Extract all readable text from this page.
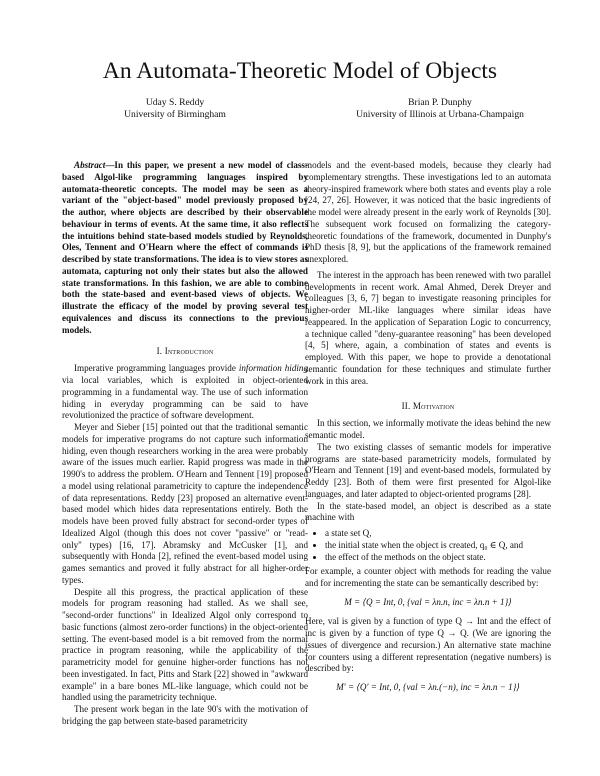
An Automata-Theoretic Model of Objects
Uday S. Reddy
University of Birmingham
Brian P. Dunphy
University of Illinois at Urbana-Champaign

Abstract—In this paper, we present a new model of class-based Algol-like programming languages inspired by automata-theoretic concepts. The model may be seen as a variant of the "object-based" model previously proposed by the author, where objects are described by their observable behaviour in terms of events. At the same time, it also reflects the intuitions behind state-based models studied by Reynolds, Oles, Tennent and O'Hearn where the effect of commands is described by state transformations. The idea is to view stores as automata, capturing not only their states but also the allowed state transformations. In this fashion, we are able to combine both the state-based and event-based views of objects. We illustrate the efficacy of the model by proving several test equivalences and discuss its connections to the previous models.

I. Introduction

Imperative programming languages provide information hiding via local variables, which is exploited in object-oriented programming in a fundamental way. The use of such information hiding in everyday programming can be said to have revolutionized the practice of software development.

Meyer and Sieber [15] pointed out that the traditional semantic models for imperative programs do not capture such information hiding, even though researchers working in the area were probably aware of the issues much earlier. Rapid progress was made in the 1990's to address the problem. O'Hearn and Tennent [19] proposed a model using relational parametricity to capture the independence of data representations. Reddy [23] proposed an alternative event-based model which hides data representations entirely. Both the models have been proved fully abstract for second-order types of Idealized Algol (though this does not cover "passive" or "read-only" types) [16, 17]. Abramsky and McCusker [1], and subsequently with Honda [2], refined the event-based model using games semantics and proved it fully abstract for all higher-order types.

Despite all this progress, the practical application of these models for program reasoning had stalled. As we shall see, "second-order functions" in Idealized Algol only correspond to basic functions (almost zero-order functions) in the object-oriented setting. The event-based model is a bit removed from the normal practice in program reasoning, while the applicability of the parametricity model for genuine higher-order functions has not been investigated. In fact, Pitts and Stark [22] showed in "awkward example" in a bare bones ML-like language, which could not be handled using the parametricity technique.

The present work began in the late 90's with the motivation of bridging the gap between state-based parametricity

models and the event-based models, because they clearly had complementary strengths. These investigations led to an automata theory-inspired framework where both states and events play a role [24, 27, 26]. However, it was noticed that the basic ingredients of the model were already present in the early work of Reynolds [30]. The subsequent work focused on formalizing the category-theoretic foundations of the framework, documented in Dunphy's PhD thesis [8, 9], but the applications of the framework remained unexplored.

The interest in the approach has been renewed with two parallel developments in recent work. Amal Ahmed, Derek Dreyer and colleagues [3, 6, 7] began to investigate reasoning principles for higher-order ML-like languages where similar ideas have reappeared. In the application of Separation Logic to concurrency, a technique called "deny-guarantee reasoning" has been developed [4, 5] where, again, a combination of states and events is employed. With this paper, we hope to provide a denotational semantic foundation for these techniques and stimulate further work in this area.

II. Motivation

In this section, we informally motivate the ideas behind the new semantic model.

The two existing classes of semantic models for imperative programs are state-based parametricity models, formulated by O'Hearn and Tennent [19] and event-based models, formulated by Reddy [23]. Both of them were first presented for Algol-like languages, and later adapted to object-oriented programs [28].

In the state-based model, an object is described as a state machine with

• a state set Q,
• the initial state when the object is created, q₀ ∈ Q, and
• the effect of the methods on the object state.

For example, a counter object with methods for reading the value and for incrementing the state can be semantically described by:

M = ⟨Q = Int, 0, {val = λn.n, inc = λn.n + 1}⟩

Here, val is given by a function of type Q → Int and the effect of inc is given by a function of type Q → Q. (We are ignoring the issues of divergence and recursion.) An alternative state machine for counters using a different representation (negative numbers) is described by:

M′ = ⟨Q′ = Int, 0, {val = λn.(−n), inc = λn.n − 1}⟩
